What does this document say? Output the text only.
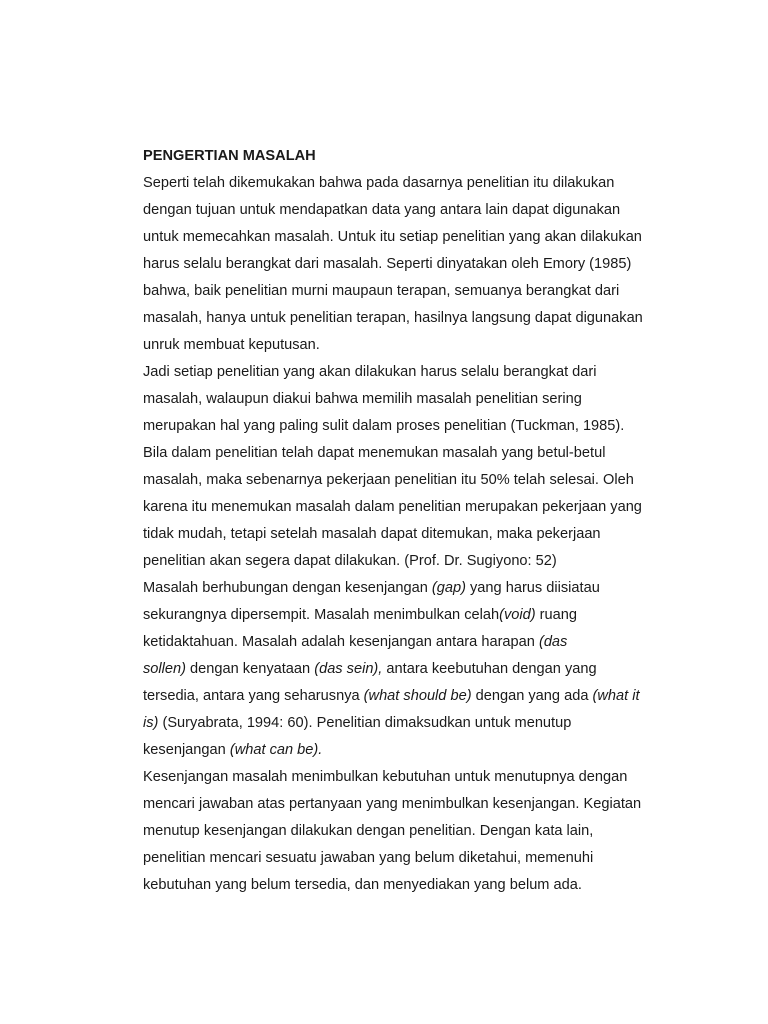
PENGERTIAN MASALAH
Seperti telah dikemukakan bahwa pada dasarnya penelitian itu dilakukan
dengan tujuan untuk mendapatkan data yang antara lain dapat digunakan
untuk memecahkan masalah. Untuk itu setiap penelitian yang akan dilakukan
harus selalu berangkat dari masalah. Seperti dinyatakan oleh Emory (1985)
bahwa, baik penelitian murni maupaun terapan, semuanya berangkat dari
masalah, hanya untuk penelitian terapan, hasilnya langsung dapat digunakan
unruk membuat keputusan.
Jadi setiap penelitian yang akan dilakukan harus selalu berangkat dari
masalah, walaupun diakui bahwa memilih masalah penelitian sering
merupakan hal yang paling sulit dalam proses penelitian (Tuckman, 1985).
Bila dalam penelitian telah dapat menemukan masalah yang betul-betul
masalah, maka sebenarnya pekerjaan penelitian itu 50% telah selesai. Oleh
karena itu menemukan masalah dalam penelitian merupakan pekerjaan yang
tidak mudah, tetapi setelah masalah dapat ditemukan, maka pekerjaan
penelitian akan segera dapat dilakukan. (Prof. Dr. Sugiyono: 52)
Masalah berhubungan dengan kesenjangan (gap) yang harus diisiatau
sekurangnya dipersempit. Masalah menimbulkan celah(void) ruang
ketidaktahuan. Masalah adalah kesenjangan antara harapan (das
sollen) dengan kenyataan (das sein), antara keebutuhan dengan yang
tersedia, antara yang seharusnya (what should be) dengan yang ada (what it
is) (Suryabrata, 1994: 60). Penelitian dimaksudkan untuk menutup
kesenjangan (what can be).
Kesenjangan masalah menimbulkan kebutuhan untuk menutupnya dengan
mencari jawaban atas pertanyaan yang menimbulkan kesenjangan. Kegiatan
menutup kesenjangan dilakukan dengan penelitian. Dengan kata lain,
penelitian mencari sesuatu jawaban yang belum diketahui, memenuhi
kebutuhan yang belum tersedia, dan menyediakan yang belum ada.
